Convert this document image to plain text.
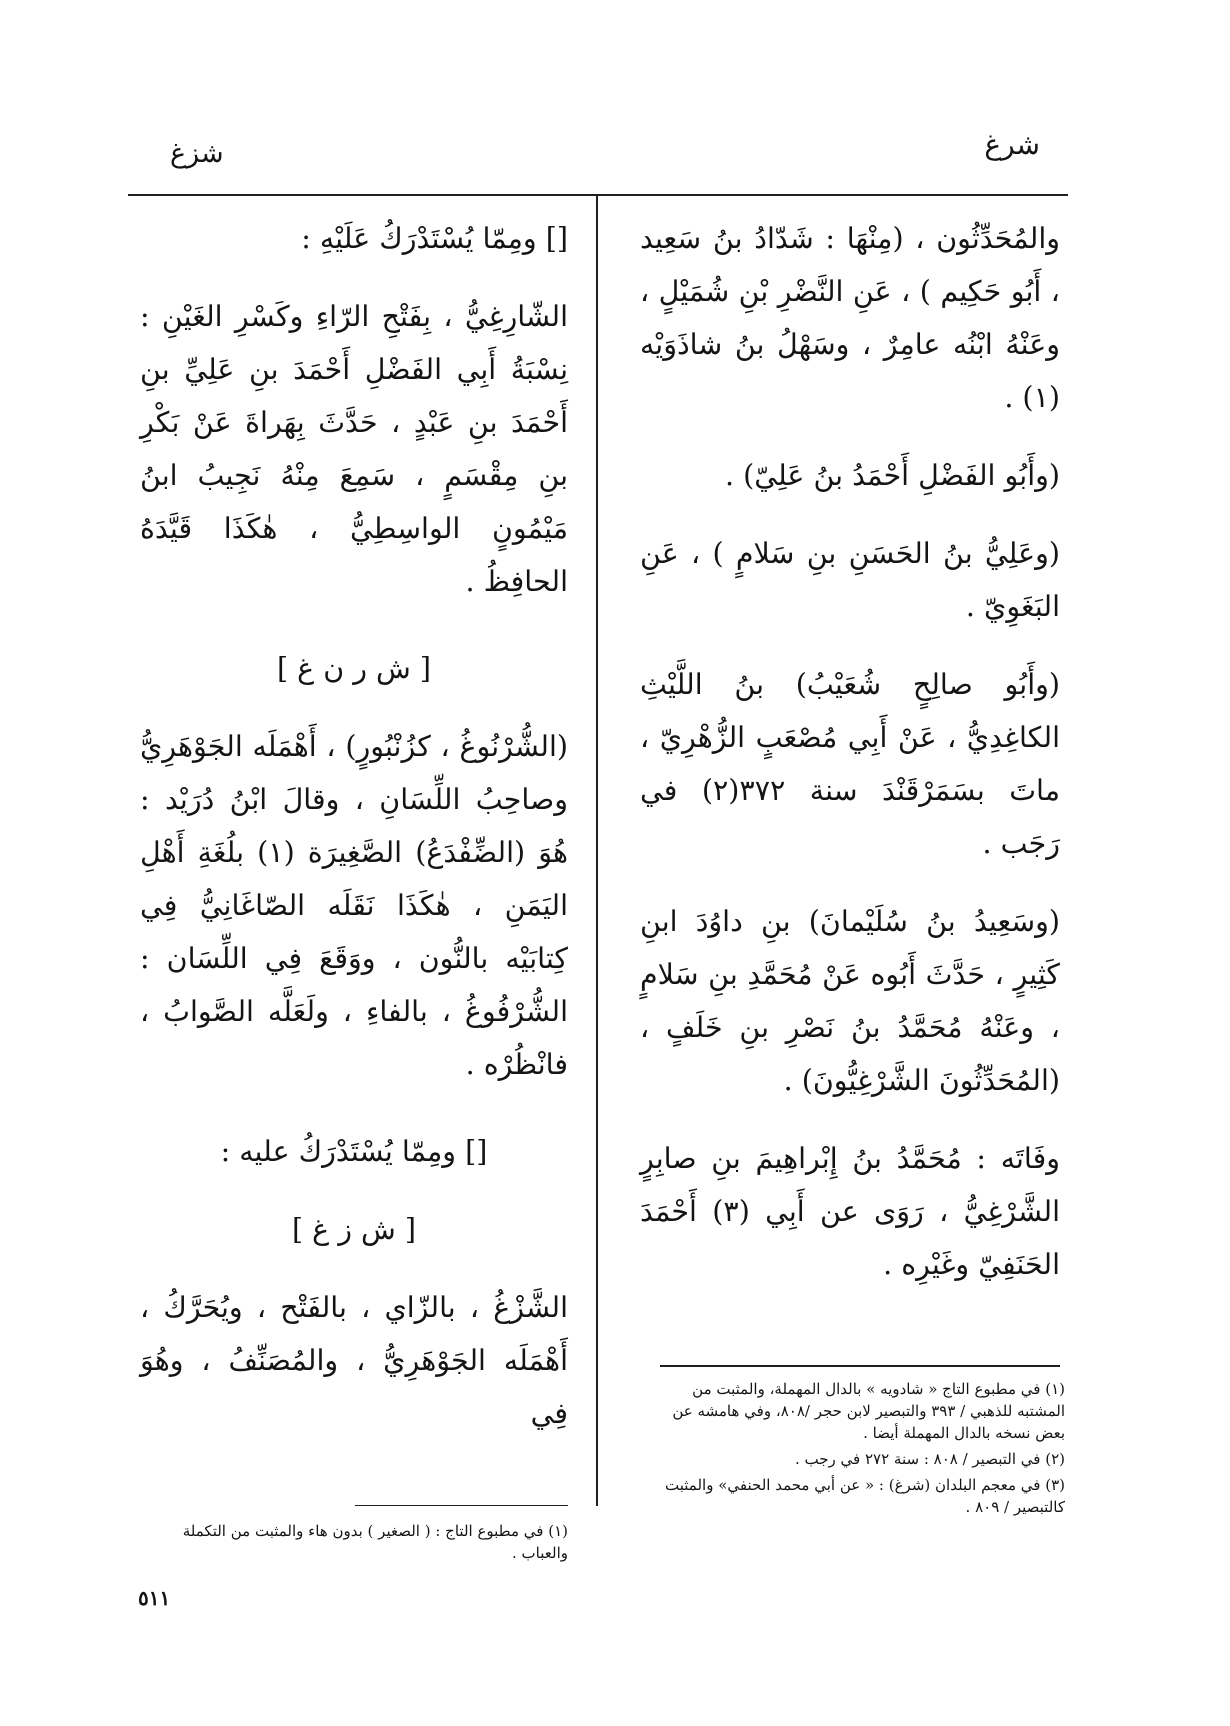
شرغ
شزغ

والمُحَدِّثُون ، (مِنْهَا : شَدّادُ بنُ سَعِيد ، أَبُو حَكِيم ) ، عَنِ النَّضْرِ بْنِ شُمَيْلٍ ، وعَنْهُ ابْنُه عامِرٌ ، وسَهْلُ بنُ شاذَوَيْه (١) .

(وأَبُو الفَضْلِ أَحْمَدُ بنُ عَلِيّ) .

(وعَلِيُّ بنُ الحَسَنِ بنِ سَلامٍ ) ، عَنِ البَغَوِيّ .

(وأَبُو صالِحٍ شُعَيْبُ) بنُ اللَّيْثِ الكاغِدِيُّ ، عَنْ أَبِي مُصْعَبٍ الزُّهْرِيّ ، ماتَ بسَمَرْقَنْدَ سنة ٣٧٢(٢) في رَجَب .

(وسَعِيدُ بنُ سُلَيْمانَ) بنِ داوُدَ ابنِ كَثِيرٍ ، حَدَّثَ أَبُوه عَنْ مُحَمَّدِ بنِ سَلامٍ ، وعَنْهُ مُحَمَّدُ بنُ نَصْرِ بنِ خَلَفٍ ، (المُحَدِّثُونَ الشَّرْغِيُّونَ) .

وفَاتَه : مُحَمَّدُ بنُ إِبْراهِيمَ بنِ صابِرٍ الشَّرْغِيُّ ، رَوَى عن أَبِي (٣) أَحْمَدَ الحَنَفِيّ وغَيْرِه .

(١) في مطبوع التاج « شادويه » بالدال المهملة، والمثبت من المشتبه للذهبي / ٣٩٣ والتبصير لابن حجر /٨٠٨، وفي هامشه عن بعض نسخه بالدال المهملة أيضا .

(٢) في التبصير / ٨٠٨ : سنة ٢٧٢ في رجب .

(٣) في معجم البلدان (شرغ) : « عن أبي محمد الحنفي» والمثبت كالتبصير / ٨٠٩ .

[] ومِمّا يُسْتَدْرَكُ عَلَيْهِ :

الشّارِغِيُّ ، بِفَتْحِ الرّاءِ وكَسْرِ الغَيْنِ : نِسْبَةُ أَبِي الفَضْلِ أَحْمَدَ بنِ عَلِيِّ بنِ أَحْمَدَ بنِ عَبْدٍ ، حَدَّثَ بِهَراةَ عَنْ بَكْرِ بنِ مِقْسَمٍ ، سَمِعَ مِنْهُ نَجِيبُ ابنُ مَيْمُونٍ الواسِطِيُّ ، هٰكَذَا قَيَّدَهُ الحافِظُ .

[ ش ر ن غ ]

(الشُّرْنُوغُ ، كزُنْبُورٍ) ، أَهْمَلَه الجَوْهَرِيُّ وصاحِبُ اللِّسَانِ ، وقالَ ابْنُ دُرَيْد : هُوَ (الضِّفْدَعُ) الصَّغِيرَة (١) بلُغَةِ أَهْلِ اليَمَنِ ، هٰكَذَا نَقَلَه الصّاغَانِيُّ فِي كِتابَيْه بالنُّون ، ووَقَعَ فِي اللِّسَان : الشُّرْفُوغُ ، بالفاءِ ، ولَعَلَّه الصَّوابُ ، فانْظُرْه .

[] ومِمّا يُسْتَدْرَكُ عليه :

[ ش ز غ ]

الشَّزْغُ ، بالزّاي ، بالفَتْح ، ويُحَرَّكُ ، أَهْمَلَه الجَوْهَرِيُّ ، والمُصَنِّفُ ، وهُوَ فِي

(١) في مطبوع التاج : ( الصغير ) بدون هاء والمثبت من التكملة والعباب .

٥١١
